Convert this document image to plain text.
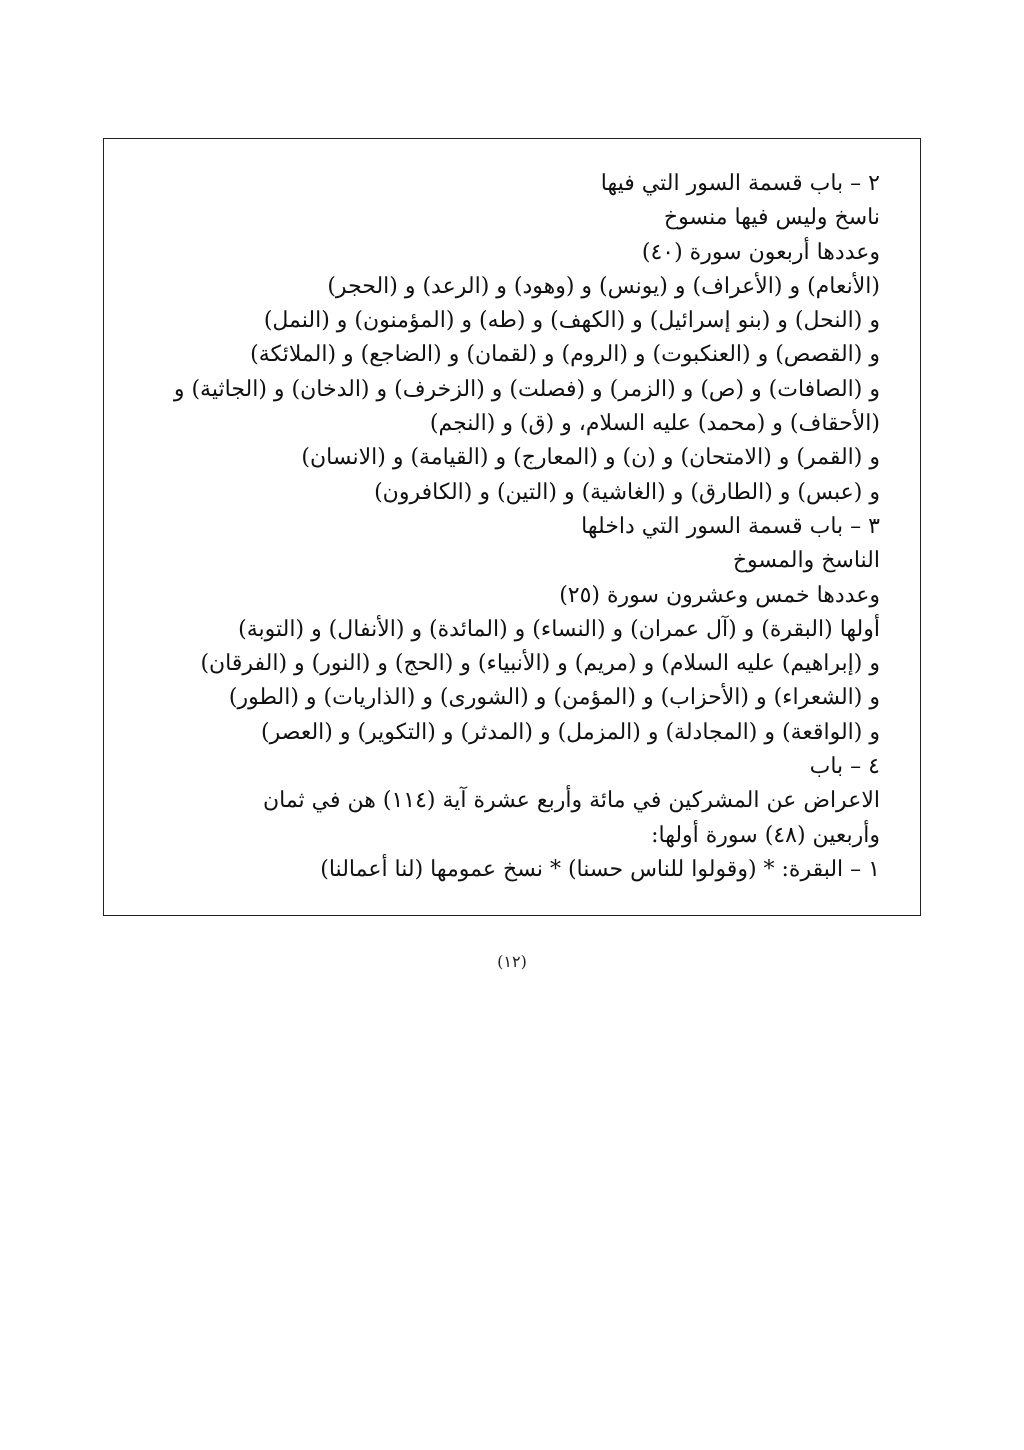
٢ – باب قسمة السور التي فيها
ناسخ وليس فيها منسوخ
وعددها أربعون سورة (٤٠)
(الأنعام) و (الأعراف) و (يونس) و (وهود) و (الرعد) و (الحجر)
و (النحل) و (بنو إسرائيل) و (الكهف) و (طه) و (المؤمنون) و (النمل)
و (القصص) و (العنكبوت) و (الروم) و (لقمان) و (الضاجع) و (الملائكة)
و (الصافات) و (ص) و (الزمر) و (فصلت) و (الزخرف) و (الدخان) و (الجاثية) و
(الأحقاف) و (محمد) عليه السلام، و (ق) و (النجم)
و (القمر) و (الامتحان) و (ن) و (المعارج) و (القيامة) و (الانسان)
و (عبس) و (الطارق) و (الغاشية) و (التين) و (الكافرون)
٣ – باب قسمة السور التي داخلها
الناسخ والمسوخ
وعددها خمس وعشرون سورة (٢٥)
أولها (البقرة) و (آل عمران) و (النساء) و (المائدة) و (الأنفال) و (التوبة)
و (إبراهيم) عليه السلام) و (مريم) و (الأنبياء) و (الحج) و (النور) و (الفرقان)
و (الشعراء) و (الأحزاب) و (المؤمن) و (الشورى) و (الذاريات) و (الطور)
و (الواقعة) و (المجادلة) و (المزمل) و (المدثر) و (التكوير) و (العصر)
٤ – باب
الاعراض عن المشركين في مائة وأربع عشرة آية (١١٤) هن في ثمان
وأربعين (٤٨) سورة أولها:
١ – البقرة: * (وقولوا للناس حسنا) * نسخ عمومها (لنا أعمالنا)
(١٢)
